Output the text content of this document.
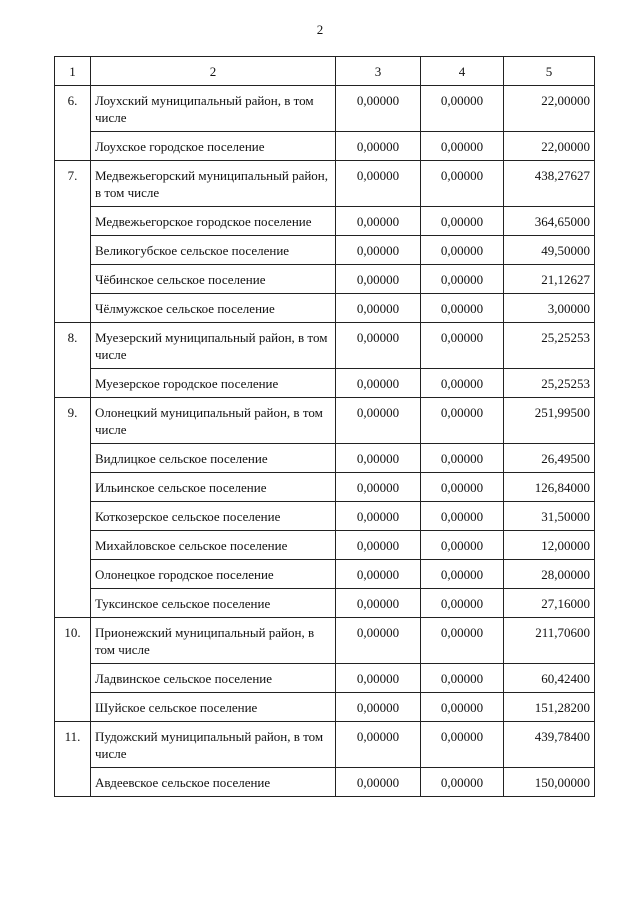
2
1	2	3	4	5
6.	Лоухский муниципальный район, в том числе	0,00000	0,00000	22,00000
	Лоухское городское поселение	0,00000	0,00000	22,00000
7.	Медвежьегорский муниципальный район, в том числе	0,00000	0,00000	438,27627
	Медвежьегорское городское поселение	0,00000	0,00000	364,65000
	Великогубское сельское поселение	0,00000	0,00000	49,50000
	Чёбинское сельское поселение	0,00000	0,00000	21,12627
	Чёлмужское сельское поселение	0,00000	0,00000	3,00000
8.	Муезерский муниципальный район, в том числе	0,00000	0,00000	25,25253
	Муезерское городское поселение	0,00000	0,00000	25,25253
9.	Олонецкий муниципальный район, в том числе	0,00000	0,00000	251,99500
	Видлицкое сельское поселение	0,00000	0,00000	26,49500
	Ильинское сельское поселение	0,00000	0,00000	126,84000
	Коткозерское сельское поселение	0,00000	0,00000	31,50000
	Михайловское сельское поселение	0,00000	0,00000	12,00000
	Олонецкое городское поселение	0,00000	0,00000	28,00000
	Туксинское сельское поселение	0,00000	0,00000	27,16000
10.	Прионежский муниципальный район, в том числе	0,00000	0,00000	211,70600
	Ладвинское сельское поселение	0,00000	0,00000	60,42400
	Шуйское сельское поселение	0,00000	0,00000	151,28200
11.	Пудожский муниципальный район, в том числе	0,00000	0,00000	439,78400
	Авдеевское сельское поселение	0,00000	0,00000	150,00000
